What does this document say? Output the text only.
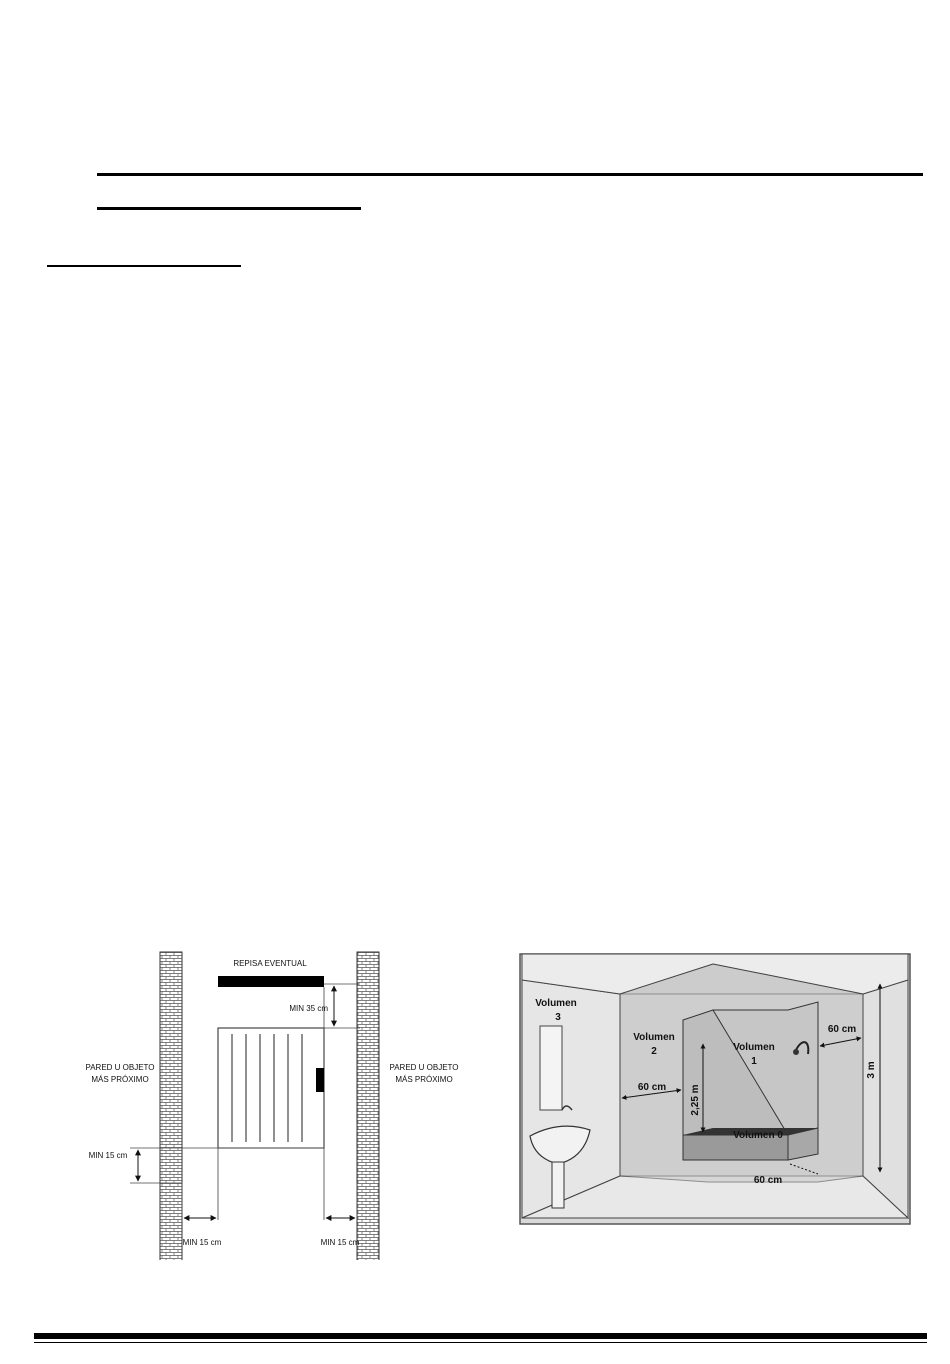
REPISA EVENTUAL
MIN 35 cm
MIN 15 cm
MIN 15 cm	MIN 15 cm
PARED U OBJETO
MÁS PRÓXIMO
PARED U OBJETO
MÁS PRÓXIMO
Volumen
3
Volumen
2	Volumen
1
Volumen 0
60 cm
60 cm
60 cm
2,25 m
3 m
